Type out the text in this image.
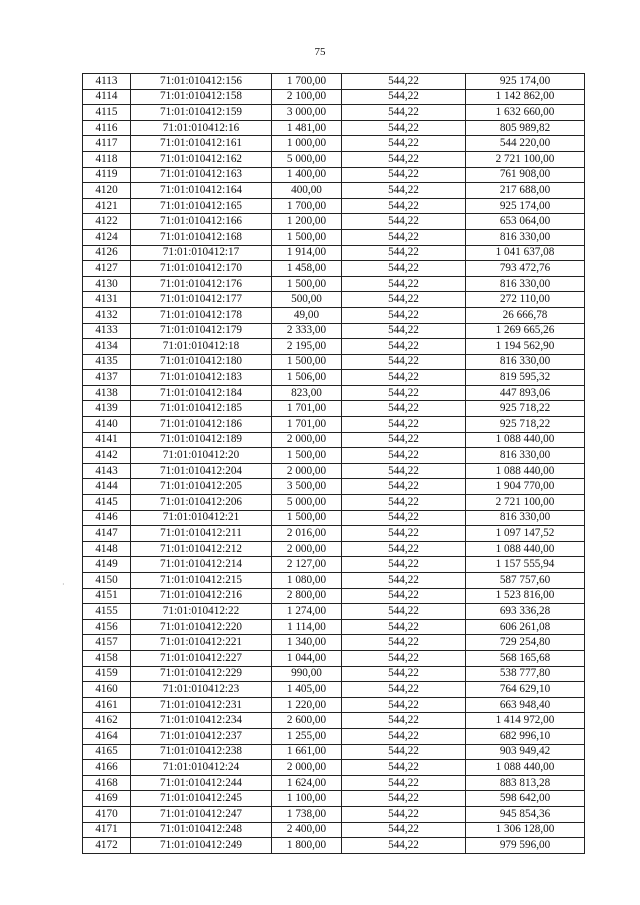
75
·
4113	71:01:010412:156	1 700,00	544,22	925 174,00
4114	71:01:010412:158	2 100,00	544,22	1 142 862,00
4115	71:01:010412:159	3 000,00	544,22	1 632 660,00
4116	71:01:010412:16	1 481,00	544,22	805 989,82
4117	71:01:010412:161	1 000,00	544,22	544 220,00
4118	71:01:010412:162	5 000,00	544,22	2 721 100,00
4119	71:01:010412:163	1 400,00	544,22	761 908,00
4120	71:01:010412:164	400,00	544,22	217 688,00
4121	71:01:010412:165	1 700,00	544,22	925 174,00
4122	71:01:010412:166	1 200,00	544,22	653 064,00
4124	71:01:010412:168	1 500,00	544,22	816 330,00
4126	71:01:010412:17	1 914,00	544,22	1 041 637,08
4127	71:01:010412:170	1 458,00	544,22	793 472,76
4130	71:01:010412:176	1 500,00	544,22	816 330,00
4131	71:01:010412:177	500,00	544,22	272 110,00
4132	71:01:010412:178	49,00	544,22	26 666,78
4133	71:01:010412:179	2 333,00	544,22	1 269 665,26
4134	71:01:010412:18	2 195,00	544,22	1 194 562,90
4135	71:01:010412:180	1 500,00	544,22	816 330,00
4137	71:01:010412:183	1 506,00	544,22	819 595,32
4138	71:01:010412:184	823,00	544,22	447 893,06
4139	71:01:010412:185	1 701,00	544,22	925 718,22
4140	71:01:010412:186	1 701,00	544,22	925 718,22
4141	71:01:010412:189	2 000,00	544,22	1 088 440,00
4142	71:01:010412:20	1 500,00	544,22	816 330,00
4143	71:01:010412:204	2 000,00	544,22	1 088 440,00
4144	71:01:010412:205	3 500,00	544,22	1 904 770,00
4145	71:01:010412:206	5 000,00	544,22	2 721 100,00
4146	71:01:010412:21	1 500,00	544,22	816 330,00
4147	71:01:010412:211	2 016,00	544,22	1 097 147,52
4148	71:01:010412:212	2 000,00	544,22	1 088 440,00
4149	71:01:010412:214	2 127,00	544,22	1 157 555,94
4150	71:01:010412:215	1 080,00	544,22	587 757,60
4151	71:01:010412:216	2 800,00	544,22	1 523 816,00
4155	71:01:010412:22	1 274,00	544,22	693 336,28
4156	71:01:010412:220	1 114,00	544,22	606 261,08
4157	71:01:010412:221	1 340,00	544,22	729 254,80
4158	71:01:010412:227	1 044,00	544,22	568 165,68
4159	71:01:010412:229	990,00	544,22	538 777,80
4160	71:01:010412:23	1 405,00	544,22	764 629,10
4161	71:01:010412:231	1 220,00	544,22	663 948,40
4162	71:01:010412:234	2 600,00	544,22	1 414 972,00
4164	71:01:010412:237	1 255,00	544,22	682 996,10
4165	71:01:010412:238	1 661,00	544,22	903 949,42
4166	71:01:010412:24	2 000,00	544,22	1 088 440,00
4168	71:01:010412:244	1 624,00	544,22	883 813,28
4169	71:01:010412:245	1 100,00	544,22	598 642,00
4170	71:01:010412:247	1 738,00	544,22	945 854,36
4171	71:01:010412:248	2 400,00	544,22	1 306 128,00
4172	71:01:010412:249	1 800,00	544,22	979 596,00
